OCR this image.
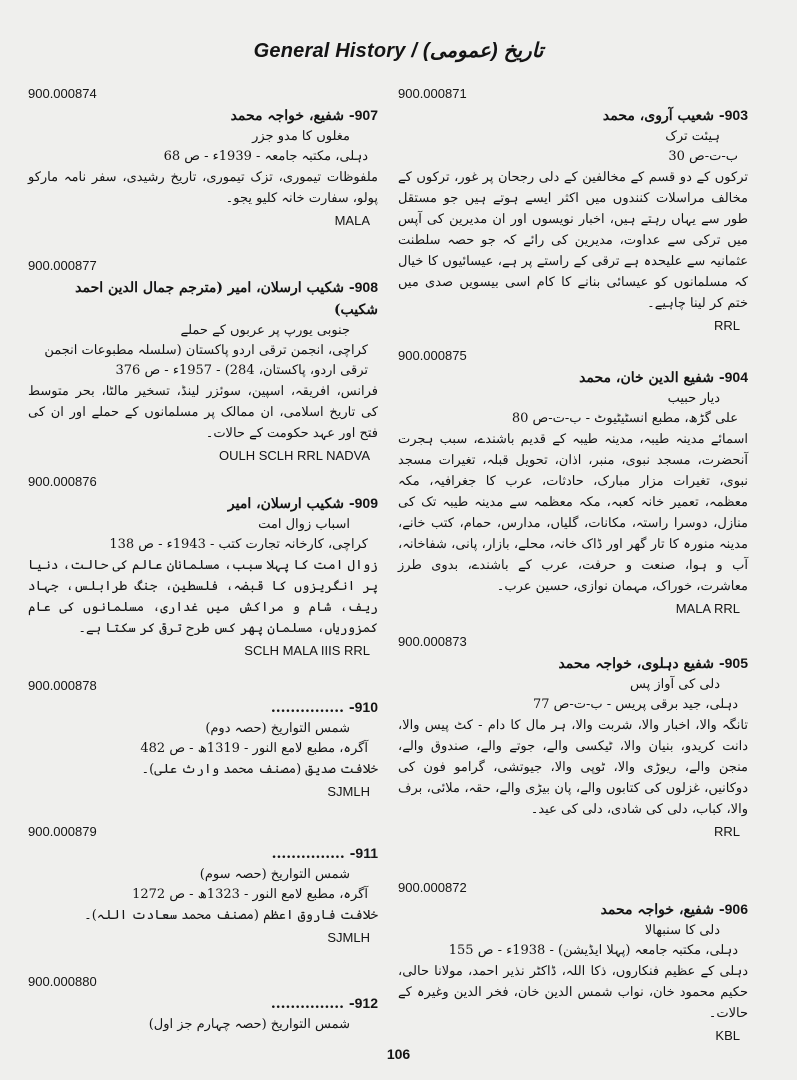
General History / (عمومی) تاریخ
900.000871
903- شعیب آروی، محمد
ہیئت ترک
ب-ت-ص 30
ترکوں کے دو قسم کے مخالفین کے دلی رجحان پر غور، ترکوں کے مخالف مراسلات کنندوں میں اکثر ایسے ہوتے ہیں جو مستقل طور سے یہاں رہتے ہیں، اخبار نویسوں اور ان مدیرین کی آپس میں ترکی سے عداوت، مدیرین کی رائے کہ جو حصہ سلطنت عثمانیہ سے علیحدہ ہے ترقی کے راستے پر ہے، عیسائیوں کا خیال کہ مسلمانوں کو عیسائی بنانے کا کام اسی بیسویں صدی میں ختم کر لینا چاہیے۔
RRL
900.000875
904- شفیع الدین خان، محمد
دیار حبیب
علی گڑھ، مطبع انسٹیٹیوٹ - ب-ت-ص 80
اسمائے مدینہ طیبہ، مدینہ طیبہ کے قدیم باشندے، سبب ہجرت آنحضرت، مسجد نبوی، منبر، اذان، تحویل قبلہ، تغیرات مسجد نبوی، تغیرات مزار مبارک، حادثات، عرب کا جغرافیہ، مکہ معظمہ، تعمیر خانہ کعبہ، مکہ معظمہ سے مدینہ طیبہ تک کی منازل، دوسرا راستہ، مکانات، گلیاں، مدارس، حمام، کتب خانے، مدینہ منورہ کا تار گھر اور ڈاک خانہ، محلے، بازار، پانی، شفاخانہ، آب و ہوا، صنعت و حرفت، عرب کے باشندے، بدوی طرز معاشرت، خوراک، مہمان نوازی، حسین عرب۔
MALA RRL
900.000873
905- شفیع دہلوی، خواجہ محمد
دلی کی آواز پس
دہلی، جید برقی پریس - ب-ت-ص 77
تانگہ والا، اخبار والا، شربت والا، ہر مال کا دام - کٹ پیس والا، دانت کریدو، بنیان والا، ٹیکسی والے، جوتے والے، صندوق والے، منجن والے، ریوڑی والا، ٹوپی والا، جیوتشی، گرامو فون کی دوکانیں، غزلوں کی کتابوں والے، پان بیڑی والے، حقہ، ملائی، برف والا، کباب، دلی کی شادی، دلی کی عید۔
RRL
900.000872
906- شفیع، خواجہ محمد
دلی کا سنبھالا
دہلی، مکتبہ جامعہ (پہلا ایڈیشن) - 1938ء - ص 155
دہلی کے عظیم فنکاروں، ذکا اللہ، ڈاکٹر نذیر احمد، مولانا حالی، حکیم محمود خان، نواب شمس الدین خان، فخر الدین وغیرہ کے حالات۔
KBL
900.000874
907- شفیع، خواجہ محمد
مغلوں کا مدو جزر
دہلی، مکتبہ جامعہ - 1939ء - ص 68
ملفوظات تیموری، تزک تیموری، تاریخ رشیدی، سفر نامہ مارکو پولو، سفارت خانہ کلیو یجو۔
MALA
900.000877
908- شکیب ارسلان، امیر (مترجم جمال الدین احمد شکیب)
جنوبی یورپ پر عربوں کے حملے
کراچی، انجمن ترقی اردو پاکستان (سلسلہ مطبوعات انجمن ترقی اردو، پاکستان، 284) - 1957ء - ص 376
فرانس، افریقہ، اسپین، سوئزر لینڈ، تسخیر مالٹا، بحر متوسط کی تاریخ اسلامی، ان ممالک پر مسلمانوں کے حملے اور ان کی فتح اور عہد حکومت کے حالات۔
OULH SCLH RRL NADVA
900.000876
909- شکیب ارسلان، امیر
اسباب زوال امت
کراچی، کارخانہ تجارت کتب - 1943ء - ص 138
زوال امت کا پہلا سبب، مسلمانان عالم کی حالت، دنیا پر انگریزوں کا قبضہ، فلسطین، جنگ طرابلس، جہاد ریف، شام و مراکش میں غداری، مسلمانوں کی عام کمزوریاں، مسلمان پھر کس طرح ترقی کر سکتا ہے۔
SCLH MALA IIIS RRL
900.000878
910- ...............
شمس التواریخ (حصہ دوم)
آگرہ، مطبع لامع النور - 1319ھ - ص 482
خلافت صدیق (مصنف محمد وارث علی)۔
SJMLH
900.000879
911- ...............
شمس التواریخ (حصہ سوم)
آگرہ، مطبع لامع النور - 1323ھ - ص 1272
خلافت فاروق اعظم (مصنف محمد سعادت اللہ)۔
SJMLH
900.000880
912- ...............
شمس التواریخ (حصہ چہارم جز اول)
106
